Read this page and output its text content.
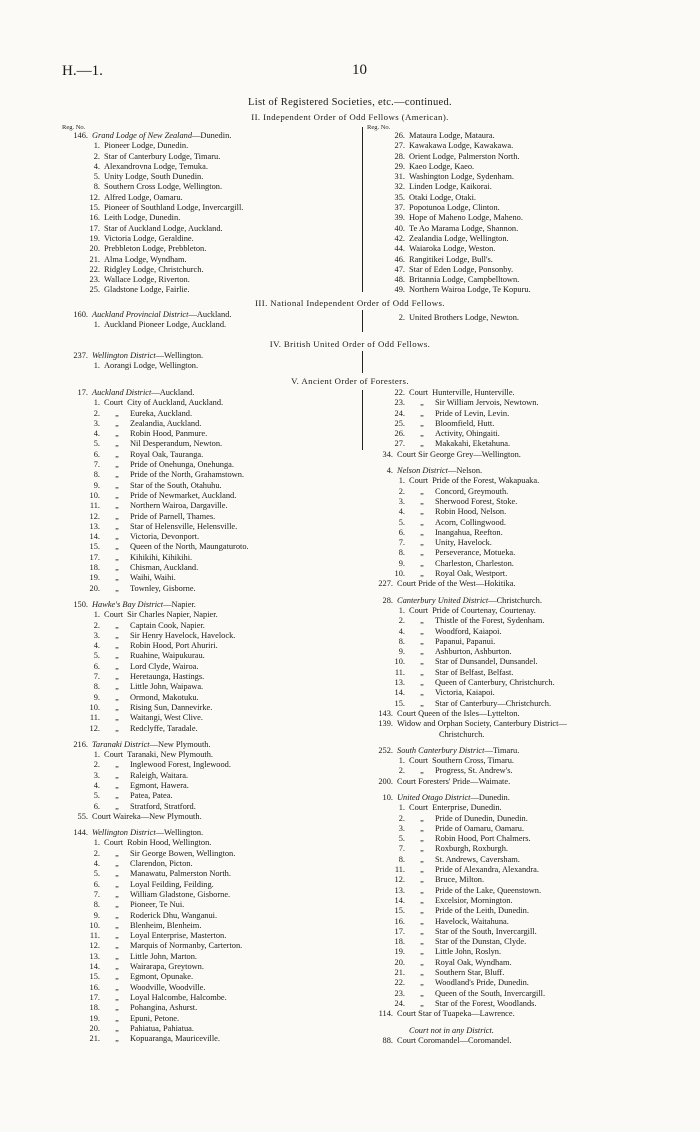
H.—1.	10
List of Registered Societies, etc.—continued.
II. Independent Order of Odd Fellows (American).
Reg. No.	Reg. No.
146. Grand Lodge of New Zealand —Dunedin.
1. Pioneer Lodge, Dunedin.
2. Star of Canterbury Lodge, Timaru.
4. Alexandrovna Lodge, Temuka.
5. Unity Lodge, South Dunedin.
8. Southern Cross Lodge, Wellington.
12. Alfred Lodge, Oamaru.
15. Pioneer of Southland Lodge, Invercargill.
16. Leith Lodge, Dunedin.
17. Star of Auckland Lodge, Auckland.
19. Victoria Lodge, Geraldine.
20. Prebbleton Lodge, Prebbleton.
21. Alma Lodge, Wyndham.
22. Ridgley Lodge, Christchurch.
23. Wallace Lodge, Riverton.
25. Gladstone Lodge, Fairlie.
26. Mataura Lodge, Mataura.
27. Kawakawa Lodge, Kawakawa.
28. Orient Lodge, Palmerston North.
29. Kaeo Lodge, Kaeo.
31. Washington Lodge, Sydenham.
32. Linden Lodge, Kaikorai.
35. Otaki Lodge, Otaki.
37. Popotunoa Lodge, Clinton.
39. Hope of Maheno Lodge, Maheno.
40. Te Ao Marama Lodge, Shannon.
42. Zealandia Lodge, Wellington.
44. Waiaroka Lodge, Weston.
46. Rangitikei Lodge, Bull's.
47. Star of Eden Lodge, Ponsonby.
48. Britannia Lodge, Campbelltown.
49. Northern Wairoa Lodge, Te Kopuru.
III. National Independent Order of Odd Fellows.
160. Auckland Provincial District —Auckland.
1. Auckland Pioneer Lodge, Auckland.
2. United Brothers Lodge, Newton.
IV. British United Order of Odd Fellows.
237. Wellington District —Wellington.
1. Aorangi Lodge, Wellington.
V. Ancient Order of Foresters.
17. Auckland District —Auckland.
1. Court City of Auckland, Auckland.
2.	„	Eureka, Auckland.
3.	„	Zealandia, Auckland.
4.	„	Robin Hood, Panmure.
5.	„	Nil Desperandum, Newton.
6.	„	Royal Oak, Tauranga.
7.	„	Pride of Onehunga, Onehunga.
8.	„	Pride of the North, Grahamstown.
9.	„	Star of the South, Otahuhu.
10.	„	Pride of Newmarket, Auckland.
11.	„	Northern Wairoa, Dargaville.
12.	„	Pride of Parnell, Thames.
13.	„	Star of Helensville, Helensville.
14.	„	Victoria, Devonport.
15.	„	Queen of the North, Maungaturoto.
17.	„	Kihikihi, Kihikihi.
18.	„	Chisman, Auckland.
19.	„	Waihi, Waihi.
20.	„	Townley, Gisborne.
150. Hawke's Bay District —Napier.
1. Court Sir Charles Napier, Napier.
2.	„	Captain Cook, Napier.
3.	„	Sir Henry Havelock, Havelock.
4.	„	Robin Hood, Port Ahuriri.
5.	„	Ruahine, Waipukurau.
6.	„	Lord Clyde, Wairoa.
7.	„	Heretaunga, Hastings.
8.	„	Little John, Waipawa.
9.	„	Ormond, Makotuku.
10.	„	Rising Sun, Dannevirke.
11.	„	Waitangi, West Clive.
12.	„	Redclyffe, Taradale.
216. Taranaki District —New Plymouth.
1. Court Taranaki, New Plymouth.
2.	„	Inglewood Forest, Inglewood.
3.	„	Raleigh, Waitara.
4.	„	Egmont, Hawera.
5.	„	Patea, Patea.
6.	„	Stratford, Stratford.
55. Court Waireka—New Plymouth.
144. Wellington District —Wellington.
1. Court Robin Hood, Wellington.
2.	„	Sir George Bowen, Wellington.
4.	„	Clarendon, Picton.
5.	„	Manawatu, Palmerston North.
6.	„	Loyal Feilding, Feilding.
7.	„	William Gladstone, Gisborne.
8.	„	Pioneer, Te Nui.
9.	„	Roderick Dhu, Wanganui.
10.	„	Blenheim, Blenheim.
11.	„	Loyal Enterprise, Masterton.
12.	„	Marquis of Normanby, Carterton.
13.	„	Little John, Marton.
14.	„	Wairarapa, Greytown.
15.	„	Egmont, Opunake.
16.	„	Woodville, Woodville.
17.	„	Loyal Halcombe, Halcombe.
18.	„	Pohangina, Ashurst.
19.	„	Epuni, Petone.
20.	„	Pahiatua, Pahiatua.
21.	„	Kopuaranga, Mauriceville.
22. Court Hunterville, Hunterville.
23.	„	Sir William Jervois, Newtown.
24.	„	Pride of Levin, Levin.
25.	„	Bloomfield, Hutt.
26.	„	Activity, Ohingaiti.
27.	„	Makakahi, Eketahuna.
34. Court Sir George Grey—Wellington.
4. Nelson District —Nelson.
1. Court Pride of the Forest, Wakapuaka.
2.	„	Concord, Greymouth.
3.	„	Sherwood Forest, Stoke.
4.	„	Robin Hood, Nelson.
5.	„	Acorn, Collingwood.
6.	„	Inangahua, Reefton.
7.	„	Unity, Havelock.
8.	„	Perseverance, Motueka.
9.	„	Charleston, Charleston.
10.	„	Royal Oak, Westport.
227. Court Pride of the West—Hokitika.
28. Canterbury United District —Christchurch.
1. Court Pride of Courtenay, Courtenay.
2.	„	Thistle of the Forest, Sydenham.
4.	„	Woodford, Kaiapoi.
8.	„	Papanui, Papanui.
9.	„	Ashburton, Ashburton.
10.	„	Star of Dunsandel, Dunsandel.
11.	„	Star of Belfast, Belfast.
13.	„	Queen of Canterbury, Christchurch.
14.	„	Victoria, Kaiapoi.
15.	„	Star of Canterbury—Christchurch.
143. Court Queen of the Isles—Lyttelton.
139. Widow and Orphan Society, Canterbury District—
Christchurch.
252. South Canterbury District —Timaru.
1. Court Southern Cross, Timaru.
2.	„	Progress, St. Andrew's.
200. Court Foresters' Pride—Waimate.
10. United Otago District —Dunedin.
1. Court Enterprise, Dunedin.
2.	„	Pride of Dunedin, Dunedin.
3.	„	Pride of Oamaru, Oamaru.
5.	„	Robin Hood, Port Chalmers.
7.	„	Roxburgh, Roxburgh.
8.	„	St. Andrews, Caversham.
11.	„	Pride of Alexandra, Alexandra.
12.	„	Bruce, Milton.
13.	„	Pride of the Lake, Queenstown.
14.	„	Excelsior, Mornington.
15.	„	Pride of the Leith, Dunedin.
16.	„	Havelock, Waitahuna.
17.	„	Star of the South, Invercargill.
18.	„	Star of the Dunstan, Clyde.
19.	„	Little John, Roslyn.
20.	„	Royal Oak, Wyndham.
21.	„	Southern Star, Bluff.
22.	„	Woodland's Pride, Dunedin.
23.	„	Queen of the South, Invercargill.
24.	„	Star of the Forest, Woodlands.
114. Court Star of Tuapeka—Lawrence.
Court not in any District.
88. Court Coromandel—Coromandel.
